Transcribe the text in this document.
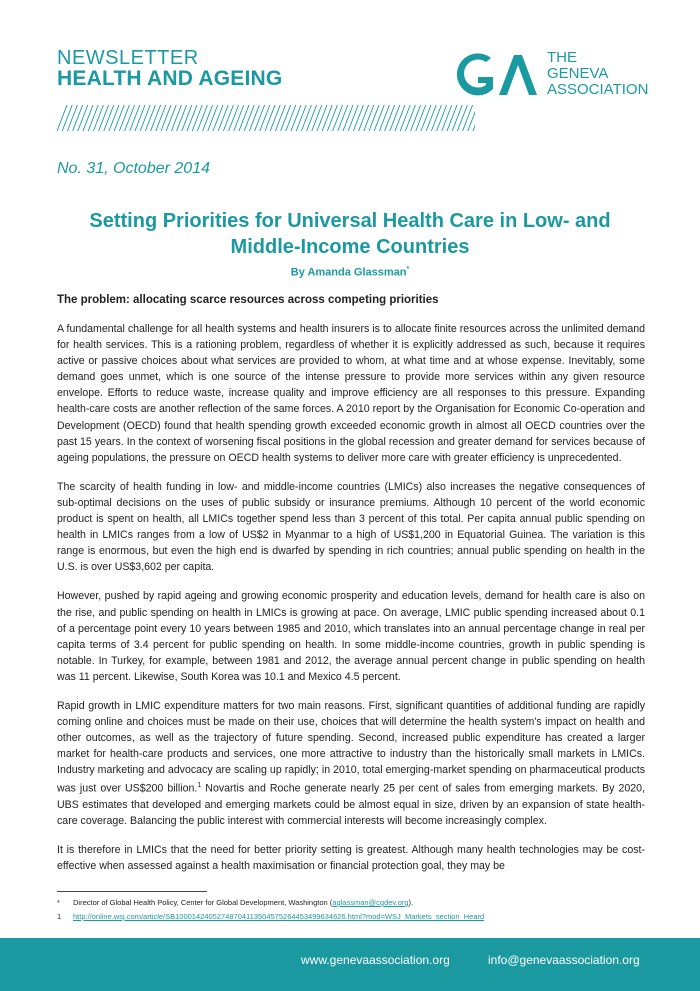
NEWSLETTER
HEALTH AND AGEING
THE
GENEVA
ASSOCIATION
No. 31, October 2014
Setting Priorities for Universal Health Care in Low- and
Middle-Income Countries
By Amanda Glassman*
The problem: allocating scarce resources across competing priorities

A fundamental challenge for all health systems and health insurers is to allocate finite resources across the unlimited demand for health services. This is a rationing problem, regardless of whether it is explicitly addressed as such, because it requires active or passive choices about what services are provided to whom, at what time and at whose expense. Inevitably, some demand goes unmet, which is one source of the intense pressure to provide more services within any given resource envelope. Efforts to reduce waste, increase quality and improve efficiency are all responses to this pressure. Expanding health-care costs are another reflection of the same forces. A 2010 report by the Organisation for Economic Co-operation and Development (OECD) found that health spending growth exceeded economic growth in almost all OECD countries over the past 15 years. In the context of worsening fiscal positions in the global recession and greater demand for services because of ageing populations, the pressure on OECD health systems to deliver more care with greater efficiency is unprecedented.

The scarcity of health funding in low- and middle-income countries (LMICs) also increases the negative consequences of sub-optimal decisions on the uses of public subsidy or insurance premiums. Although 10 percent of the world economic product is spent on health, all LMICs together spend less than 3 percent of this total. Per capita annual public spending on health in LMICs ranges from a low of US$2 in Myanmar to a high of US$1,200 in Equatorial Guinea. The variation is this range is enormous, but even the high end is dwarfed by spending in rich countries; annual public spending on health in the U.S. is over US$3,602 per capita.

However, pushed by rapid ageing and growing economic prosperity and education levels, demand for health care is also on the rise, and public spending on health in LMICs is growing at pace. On average, LMIC public spending increased about 0.1 of a percentage point every 10 years between 1985 and 2010, which translates into an annual percentage change in real per capita terms of 3.4 percent for public spending on health. In some middle-income countries, growth in public spending is notable. In Turkey, for example, between 1981 and 2012, the average annual percent change in public spending on health was 11 percent. Likewise, South Korea was 10.1 and Mexico 4.5 percent.

Rapid growth in LMIC expenditure matters for two main reasons. First, significant quantities of additional funding are rapidly coming online and choices must be made on their use, choices that will determine the health system's impact on health and other outcomes, as well as the trajectory of future spending. Second, increased public expenditure has created a larger market for health-care products and services, one more attractive to industry than the historically small markets in LMICs. Industry marketing and advocacy are scaling up rapidly; in 2010, total emerging-market spending on pharmaceutical products was just over US$200 billion.$^1$ Novartis and Roche generate nearly 25 per cent of sales from emerging markets. By 2020, UBS estimates that developed and emerging markets could be almost equal in size, driven by an expansion of state health-care coverage. Balancing the public interest with commercial interests will become increasingly complex.

It is therefore in LMICs that the need for better priority setting is greatest. Although many health technologies may be cost-effective when assessed against a health maximisation or financial protection goal, they may be

* Director of Global Health Policy, Center for Global Development, Washington (aglassman@cgdev.org).
1 http://online.wsj.com/article/SB10001424052748704113504575264453499634626.html?mod=WSJ_Markets_section_Heard
www.genevaassociation.org	info@genevaassociation.org
